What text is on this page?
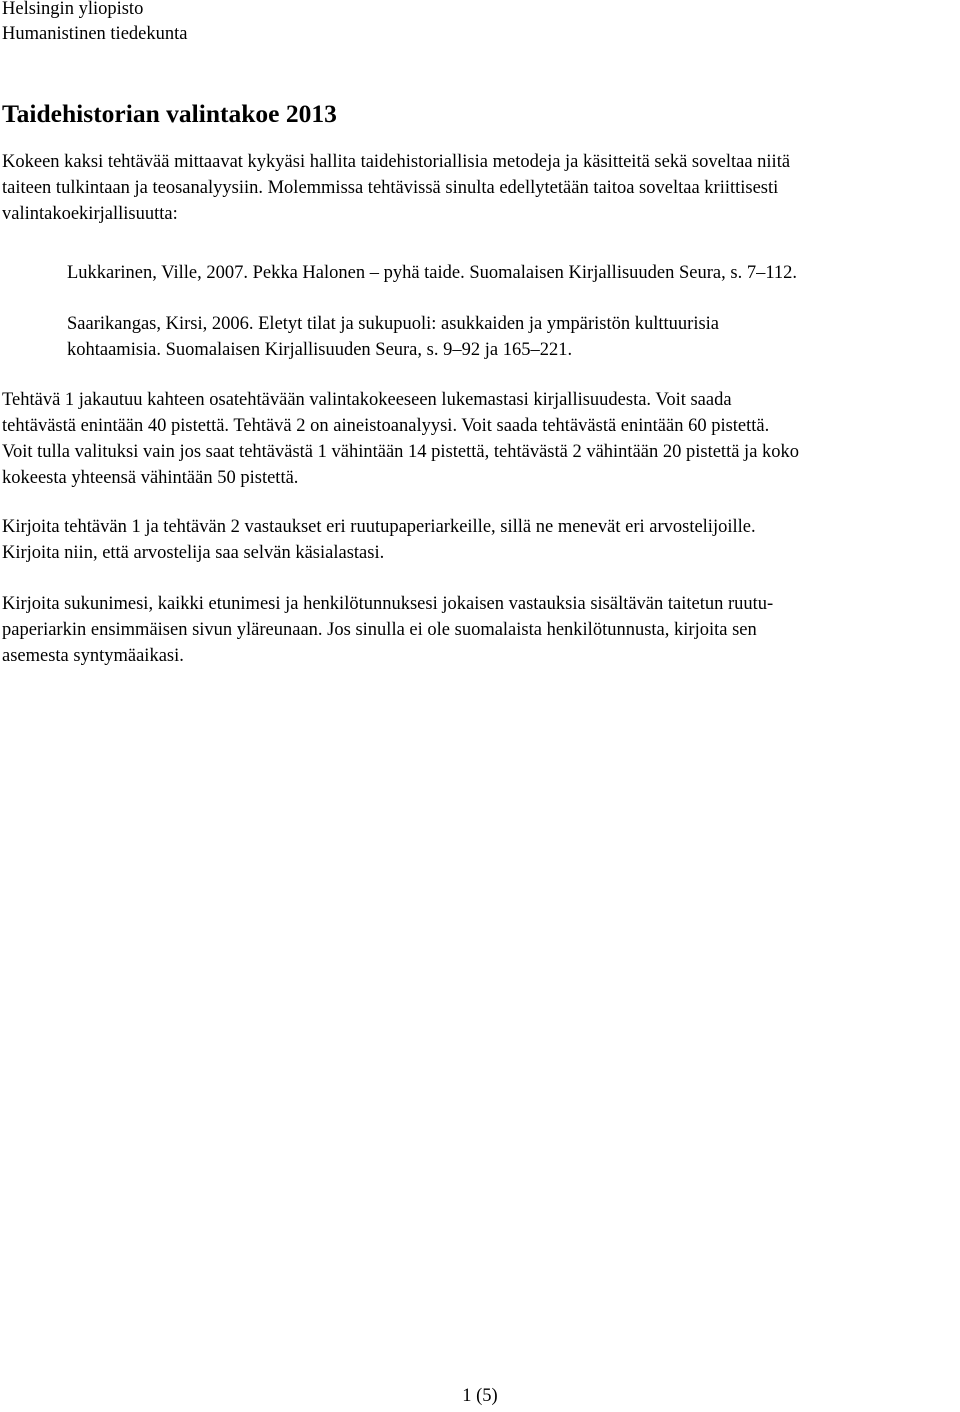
Helsingin yliopisto
Humanistinen tiedekunta
Taidehistorian valintakoe 2013

Kokeen kaksi tehtävää mittaavat kykyäsi hallita taidehistoriallisia metodeja ja käsitteitä sekä soveltaa niitä
taiteen tulkintaan ja teosanalyysiin. Molemmissa tehtävissä sinulta edellytetään taitoa soveltaa kriittisesti
valintakoekirjallisuutta:

Lukkarinen, Ville, 2007. Pekka Halonen – pyhä taide. Suomalaisen Kirjallisuuden Seura, s. 7–112.

Saarikangas, Kirsi, 2006. Eletyt tilat ja sukupuoli: asukkaiden ja ympäristön kulttuurisia
kohtaamisia. Suomalaisen Kirjallisuuden Seura, s. 9–92 ja 165–221.

Tehtävä 1 jakautuu kahteen osatehtävään valintakokeeseen lukemastasi kirjallisuudesta. Voit saada
tehtävästä enintään 40 pistettä. Tehtävä 2 on aineistoanalyysi. Voit saada tehtävästä enintään 60 pistettä.
Voit tulla valituksi vain jos saat tehtävästä 1 vähintään 14 pistettä, tehtävästä 2 vähintään 20 pistettä ja koko
kokeesta yhteensä vähintään 50 pistettä.

Kirjoita tehtävän 1 ja tehtävän 2 vastaukset eri ruutupaperiarkeille, sillä ne menevät eri arvostelijoille.
Kirjoita niin, että arvostelija saa selvän käsialastasi.

Kirjoita sukunimesi, kaikki etunimesi ja henkilötunnuksesi jokaisen vastauksia sisältävän taitetun ruutu-
paperiarkin ensimmäisen sivun yläreunaan. Jos sinulla ei ole suomalaista henkilötunnusta, kirjoita sen
asemesta syntymäaikasi.

1 (5)
